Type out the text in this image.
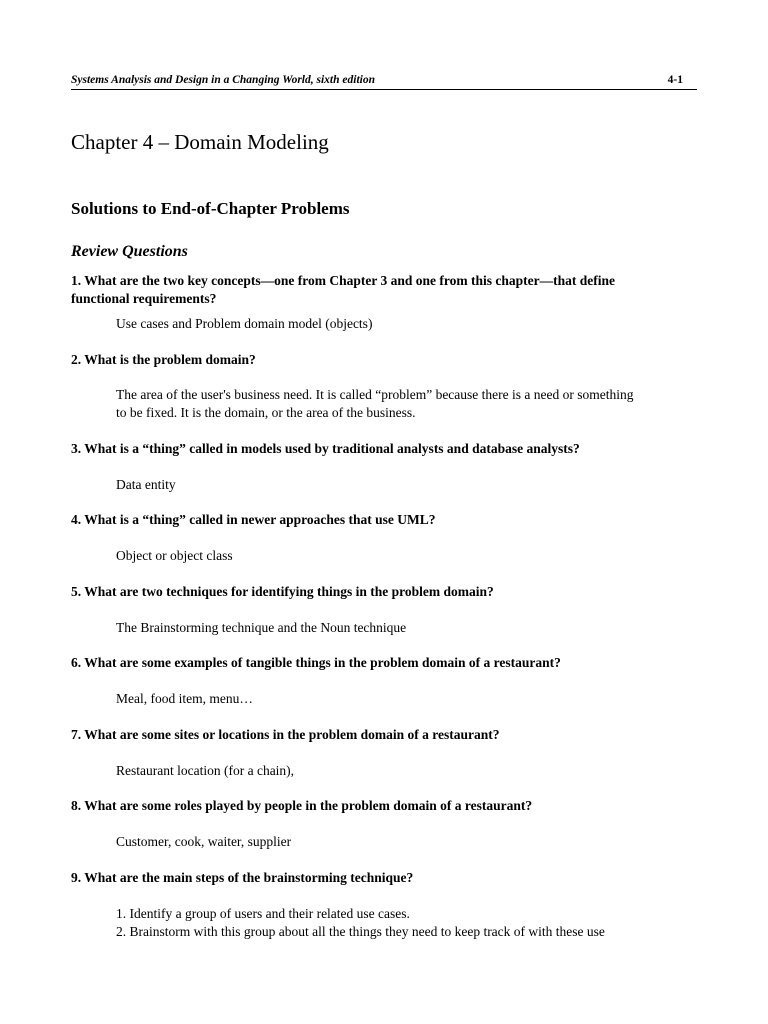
Systems Analysis and Design in a Changing World, sixth edition	4-1
Chapter 4 – Domain Modeling
Solutions to End-of-Chapter Problems
Review Questions

1. What are the two key concepts—one from Chapter 3 and one from this chapter—that define
functional requirements?

Use cases and Problem domain model (objects)

2. What is the problem domain?

The area of the user's business need. It is called “problem” because there is a need or something
to be fixed. It is the domain, or the area of the business.

3. What is a “thing” called in models used by traditional analysts and database analysts?

Data entity

4. What is a “thing” called in newer approaches that use UML?

Object or object class

5. What are two techniques for identifying things in the problem domain?

The Brainstorming technique and the Noun technique

6. What are some examples of tangible things in the problem domain of a restaurant?

Meal, food item, menu…

7. What are some sites or locations in the problem domain of a restaurant?

Restaurant location (for a chain),

8. What are some roles played by people in the problem domain of a restaurant?

Customer, cook, waiter, supplier

9. What are the main steps of the brainstorming technique?

1. Identify a group of users and their related use cases.
2. Brainstorm with this group about all the things they need to keep track of with these use
